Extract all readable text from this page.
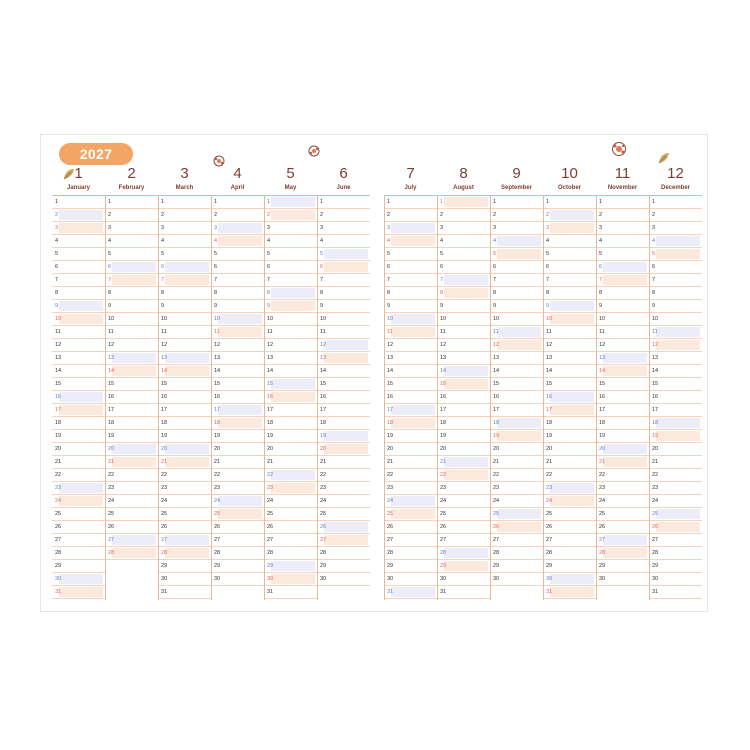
2027
1
January
1
2
3
4
5
6
7
8
9
10
11
12
13
14
15
16
17
18
19
20
21
22
23
24
25
26
27
28
29
30
31
2
February
1
2
3
4
5
6
7
8
9
10
11
12
13
14
15
16
17
18
19
20
21
22
23
24
25
26
27
28
3
March
1
2
3
4
5
6
7
8
9
10
11
12
13
14
15
16
17
18
19
20
21
22
23
24
25
26
27
28
29
30
31
4
April
1
2
3
4
5
6
7
8
9
10
11
12
13
14
15
16
17
18
19
20
21
22
23
24
25
26
27
28
29
30
5
May
1
2
3
4
5
6
7
8
9
10
11
12
13
14
15
16
17
18
19
20
21
22
23
24
25
26
27
28
29
30
31
6
June
1
2
3
4
5
6
7
8
9
10
11
12
13
14
15
16
17
18
19
20
21
22
23
24
25
26
27
28
29
30
7
July
1
2
3
4
5
6
7
8
9
10
11
12
13
14
15
16
17
18
19
20
21
22
23
24
25
26
27
28
29
30
31
8
August
1
2
3
4
5
6
7
8
9
10
11
12
13
14
15
16
17
18
19
20
21
22
23
24
25
26
27
28
29
30
31
9
September
1
2
3
4
5
6
7
8
9
10
11
12
13
14
15
16
17
18
19
20
21
22
23
24
25
26
27
28
29
30
10
October
1
2
3
4
5
6
7
8
9
10
11
12
13
14
15
16
17
18
19
20
21
22
23
24
25
26
27
28
29
30
31
11
November
1
2
3
4
5
6
7
8
9
10
11
12
13
14
15
16
17
18
19
20
21
22
23
24
25
26
27
28
29
30
12
December
1
2
3
4
5
6
7
8
9
10
11
12
13
14
15
16
17
18
19
20
21
22
23
24
25
26
27
28
29
30
31
